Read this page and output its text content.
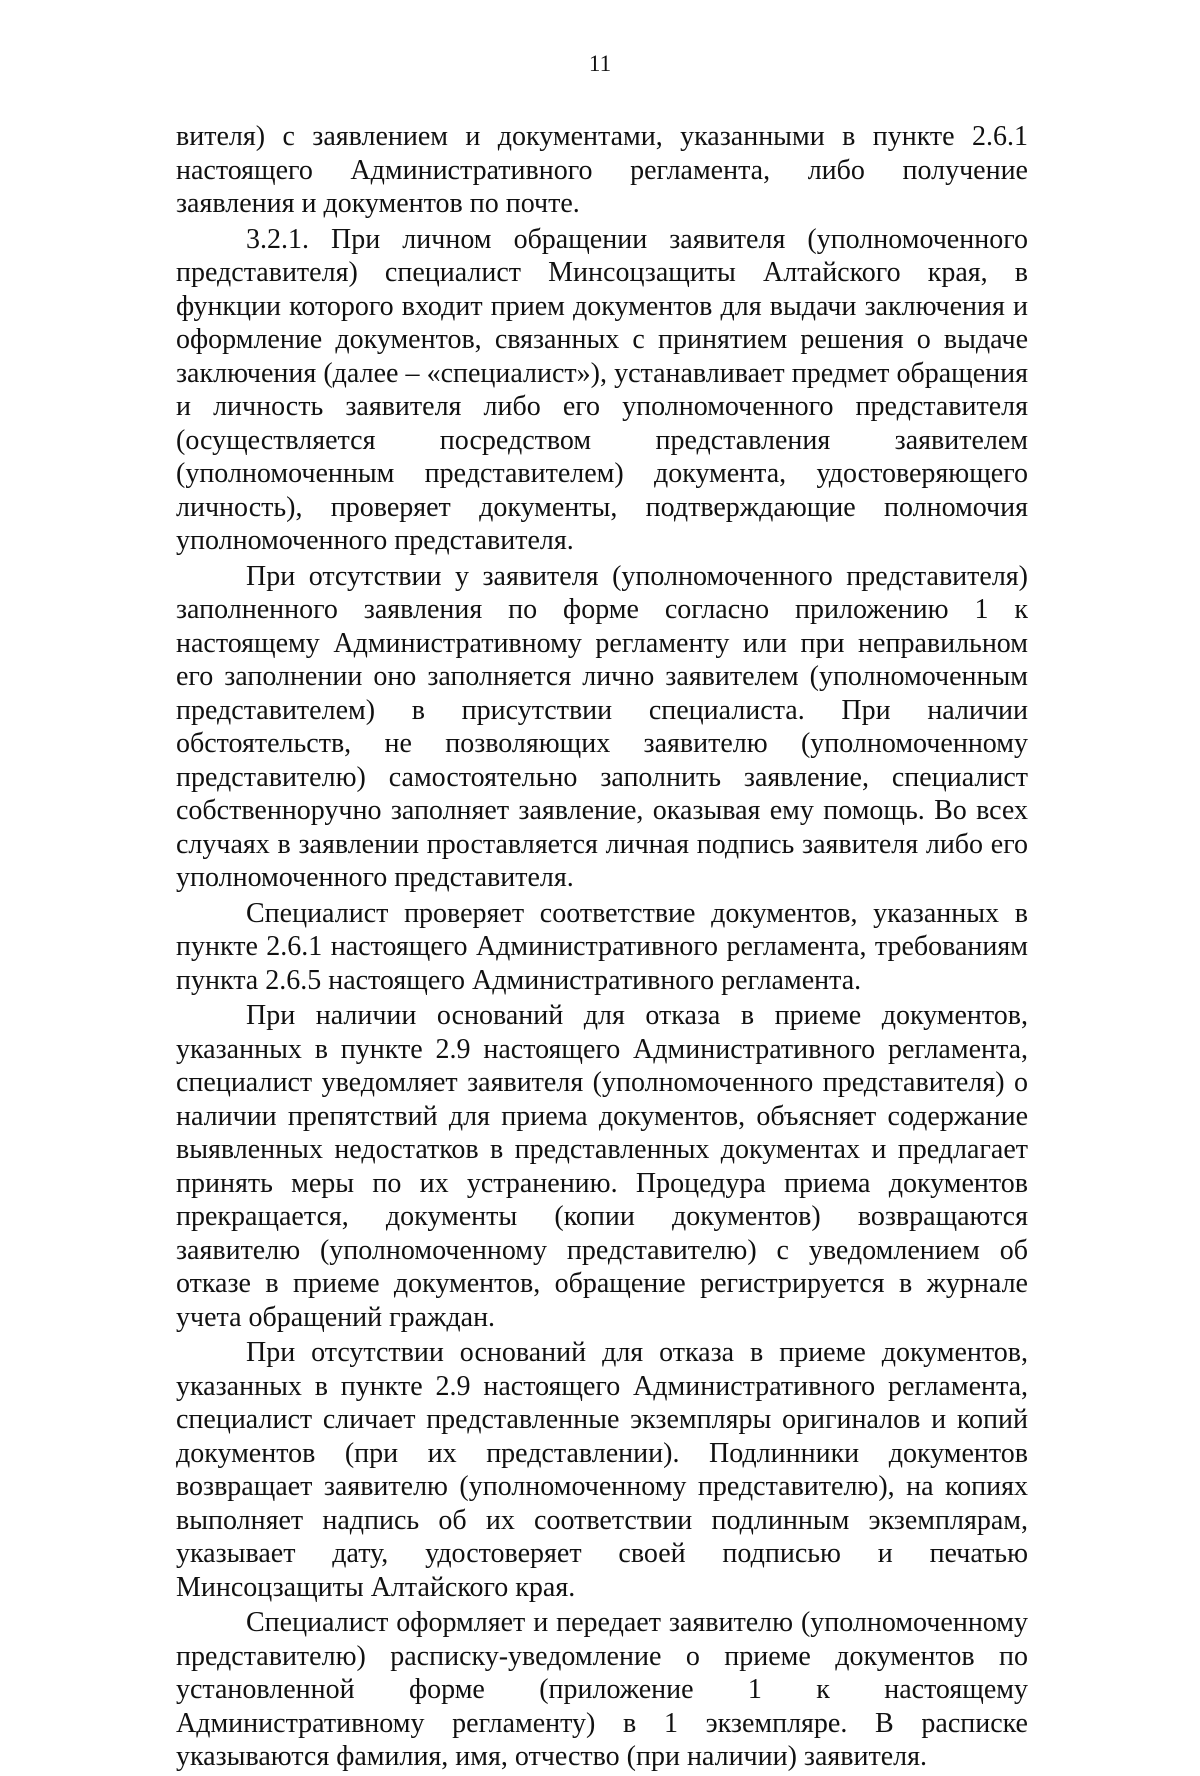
11

вителя) с заявлением и документами, указанными в пункте 2.6.1 настоящего Административного регламента, либо получение заявления и документов по почте.

3.2.1. При личном обращении заявителя (уполномоченного представителя) специалист Минсоцзащиты Алтайского края, в функции которого входит прием документов для выдачи заключения и оформление документов, связанных с принятием решения о выдаче заключения (далее – «специалист»), устанавливает предмет обращения и личность заявителя либо его уполномоченного представителя (осуществляется посредством представления заявителем (уполномоченным представителем) документа, удостоверяющего личность), проверяет документы, подтверждающие полномочия уполномоченного представителя.

При отсутствии у заявителя (уполномоченного представителя) заполненного заявления по форме согласно приложению 1 к настоящему Административному регламенту или при неправильном его заполнении оно заполняется лично заявителем (уполномоченным представителем) в присутствии специалиста. При наличии обстоятельств, не позволяющих заявителю (уполномоченному представителю) самостоятельно заполнить заявление, специалист собственноручно заполняет заявление, оказывая ему помощь. Во всех случаях в заявлении проставляется личная подпись заявителя либо его уполномоченного представителя.

Специалист проверяет соответствие документов, указанных в пункте 2.6.1 настоящего Административного регламента, требованиям пункта 2.6.5 настоящего Административного регламента.

При наличии оснований для отказа в приеме документов, указанных в пункте 2.9 настоящего Административного регламента, специалист уведомляет заявителя (уполномоченного представителя) о наличии препятствий для приема документов, объясняет содержание выявленных недостатков в представленных документах и предлагает принять меры по их устранению. Процедура приема документов прекращается, документы (копии документов) возвращаются заявителю (уполномоченному представителю) с уведомлением об отказе в приеме документов, обращение регистрируется в журнале учета обращений граждан.

При отсутствии оснований для отказа в приеме документов, указанных в пункте 2.9 настоящего Административного регламента, специалист сличает представленные экземпляры оригиналов и копий документов (при их представлении). Подлинники документов возвращает заявителю (уполномоченному представителю), на копиях выполняет надпись об их соответствии подлинным экземплярам, указывает дату, удостоверяет своей подписью и печатью Минсоцзащиты Алтайского края.

Специалист оформляет и передает заявителю (уполномоченному представителю) расписку-уведомление о приеме документов по установленной форме (приложение 1 к настоящему Административному регламенту) в 1 экземпляре. В расписке указываются фамилия, имя, отчество (при наличии) заявителя.
